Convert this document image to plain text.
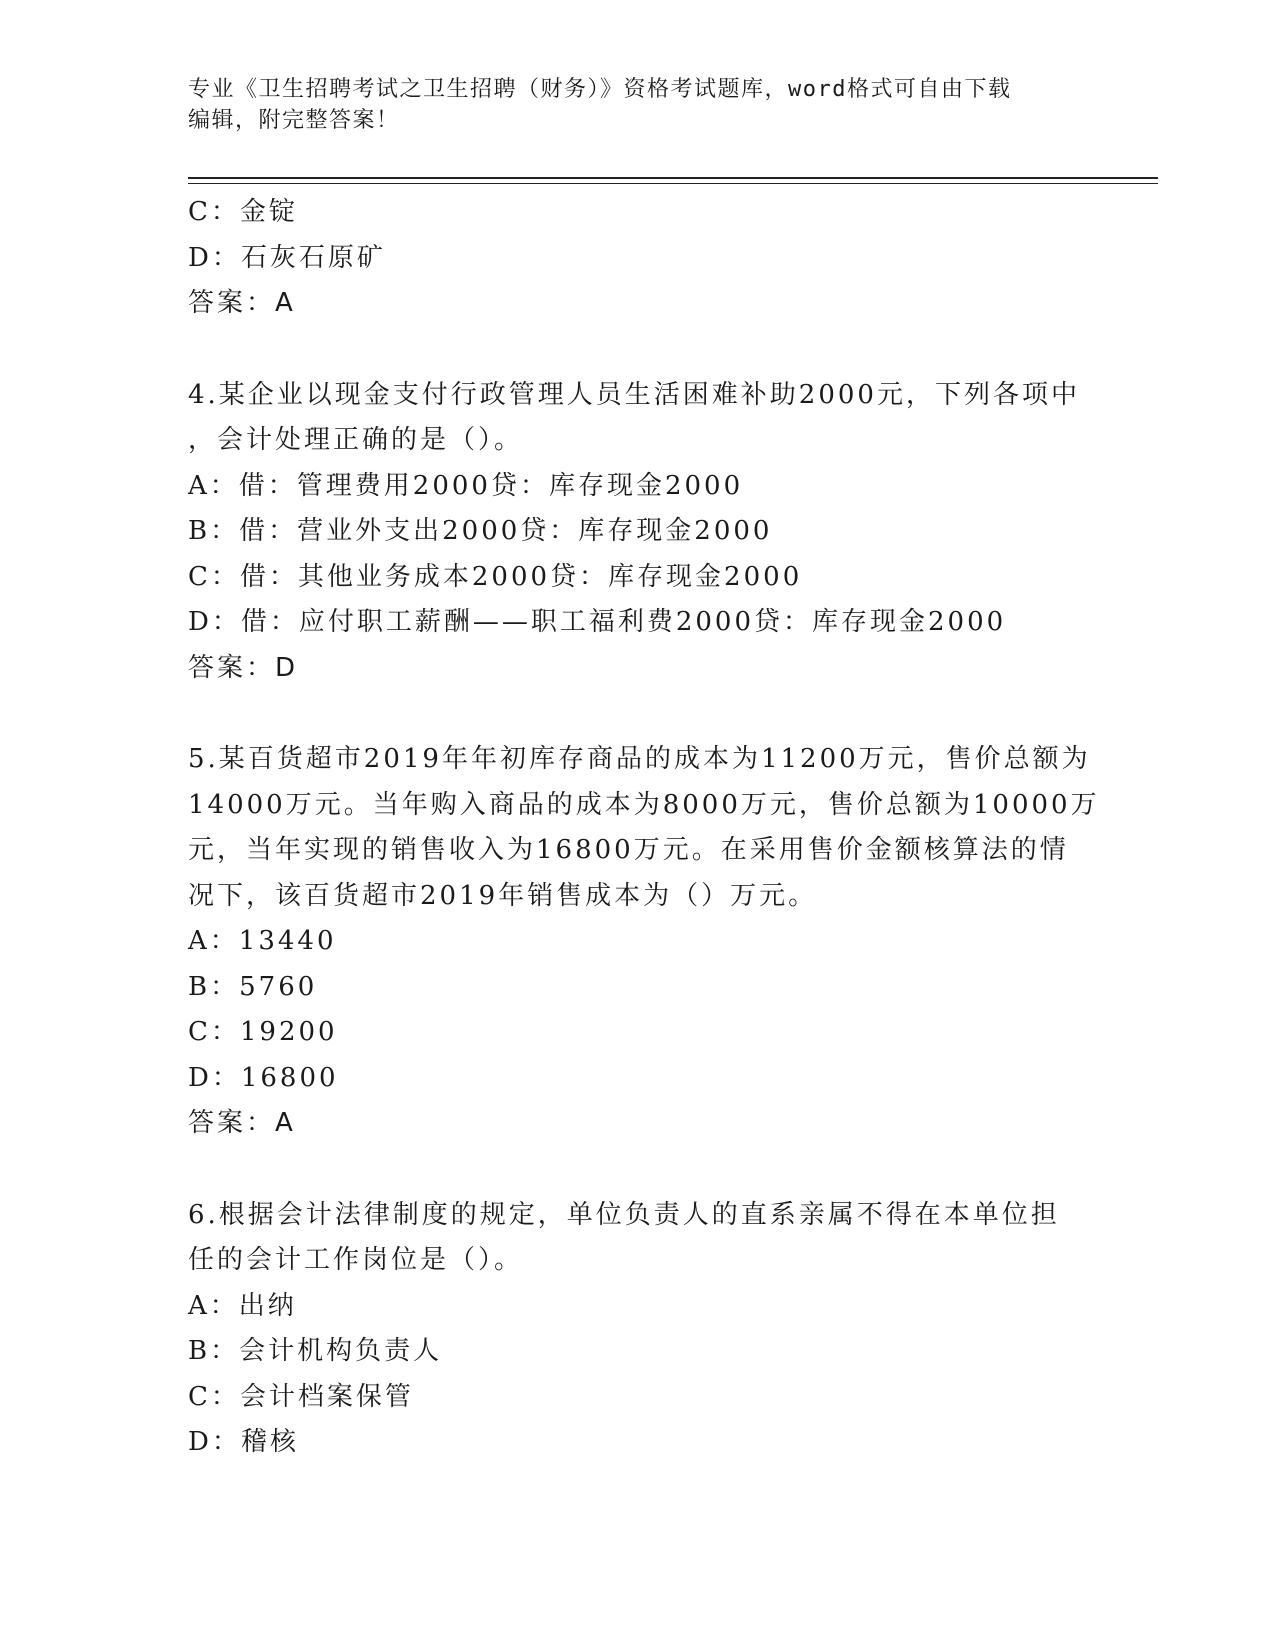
专业《卫生招聘考试之卫生招聘（财务）》资格考试题库，word格式可自由下载
编辑，附完整答案！

C：金锭

D：石灰石原矿

答案：A

4.某企业以现金支付行政管理人员生活困难补助2000元，下列各项中

，会计处理正确的是（）。

A：借：管理费用2000贷：库存现金2000

B：借：营业外支出2000贷：库存现金2000

C：借：其他业务成本2000贷：库存现金2000

D：借：应付职工薪酬——职工福利费2000贷：库存现金2000

答案：D

5.某百货超市2019年年初库存商品的成本为11200万元，售价总额为

14000万元。当年购入商品的成本为8000万元，售价总额为10000万

元，当年实现的销售收入为16800万元。在采用售价金额核算法的情

况下，该百货超市2019年销售成本为（）万元。

A：13440

B：5760

C：19200

D：16800

答案：A

6.根据会计法律制度的规定，单位负责人的直系亲属不得在本单位担

任的会计工作岗位是（）。

A：出纳

B：会计机构负责人

C：会计档案保管

D：稽核
